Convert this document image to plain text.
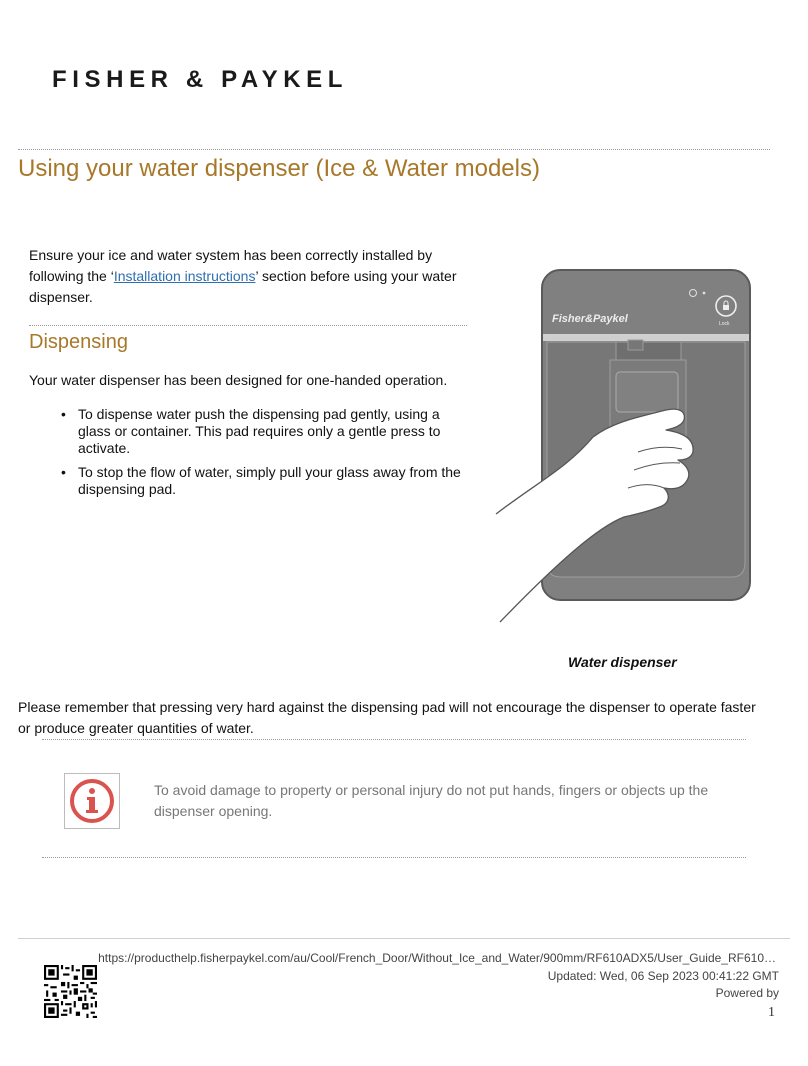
FISHER & PAYKEL
Using your water dispenser (Ice & Water models)
Ensure your ice and water system has been correctly installed by following the ‘Installation instructions’ section before using your water dispenser.
Dispensing
Your water dispenser has been designed for one-handed operation.
• To dispense water push the dispensing pad gently, using a glass or container. This pad requires only a gentle press to activate.
• To stop the flow of water, simply pull your glass away from the dispensing pad.
Fisher&Paykel	Lock
Water dispenser
Please remember that pressing very hard against the dispensing pad will not encourage the dispenser to operate faster or produce greater quantities of water.
To avoid damage to property or personal injury do not put hands, fingers or objects up the dispenser opening.
https://producthelp.fisherpaykel.com/au/Cool/French_Door/Without_Ice_and_Water/900mm/RF610ADX5/User_Guide_RF610…
Updated: Wed, 06 Sep 2023 00:41:22 GMT
Powered by
1
